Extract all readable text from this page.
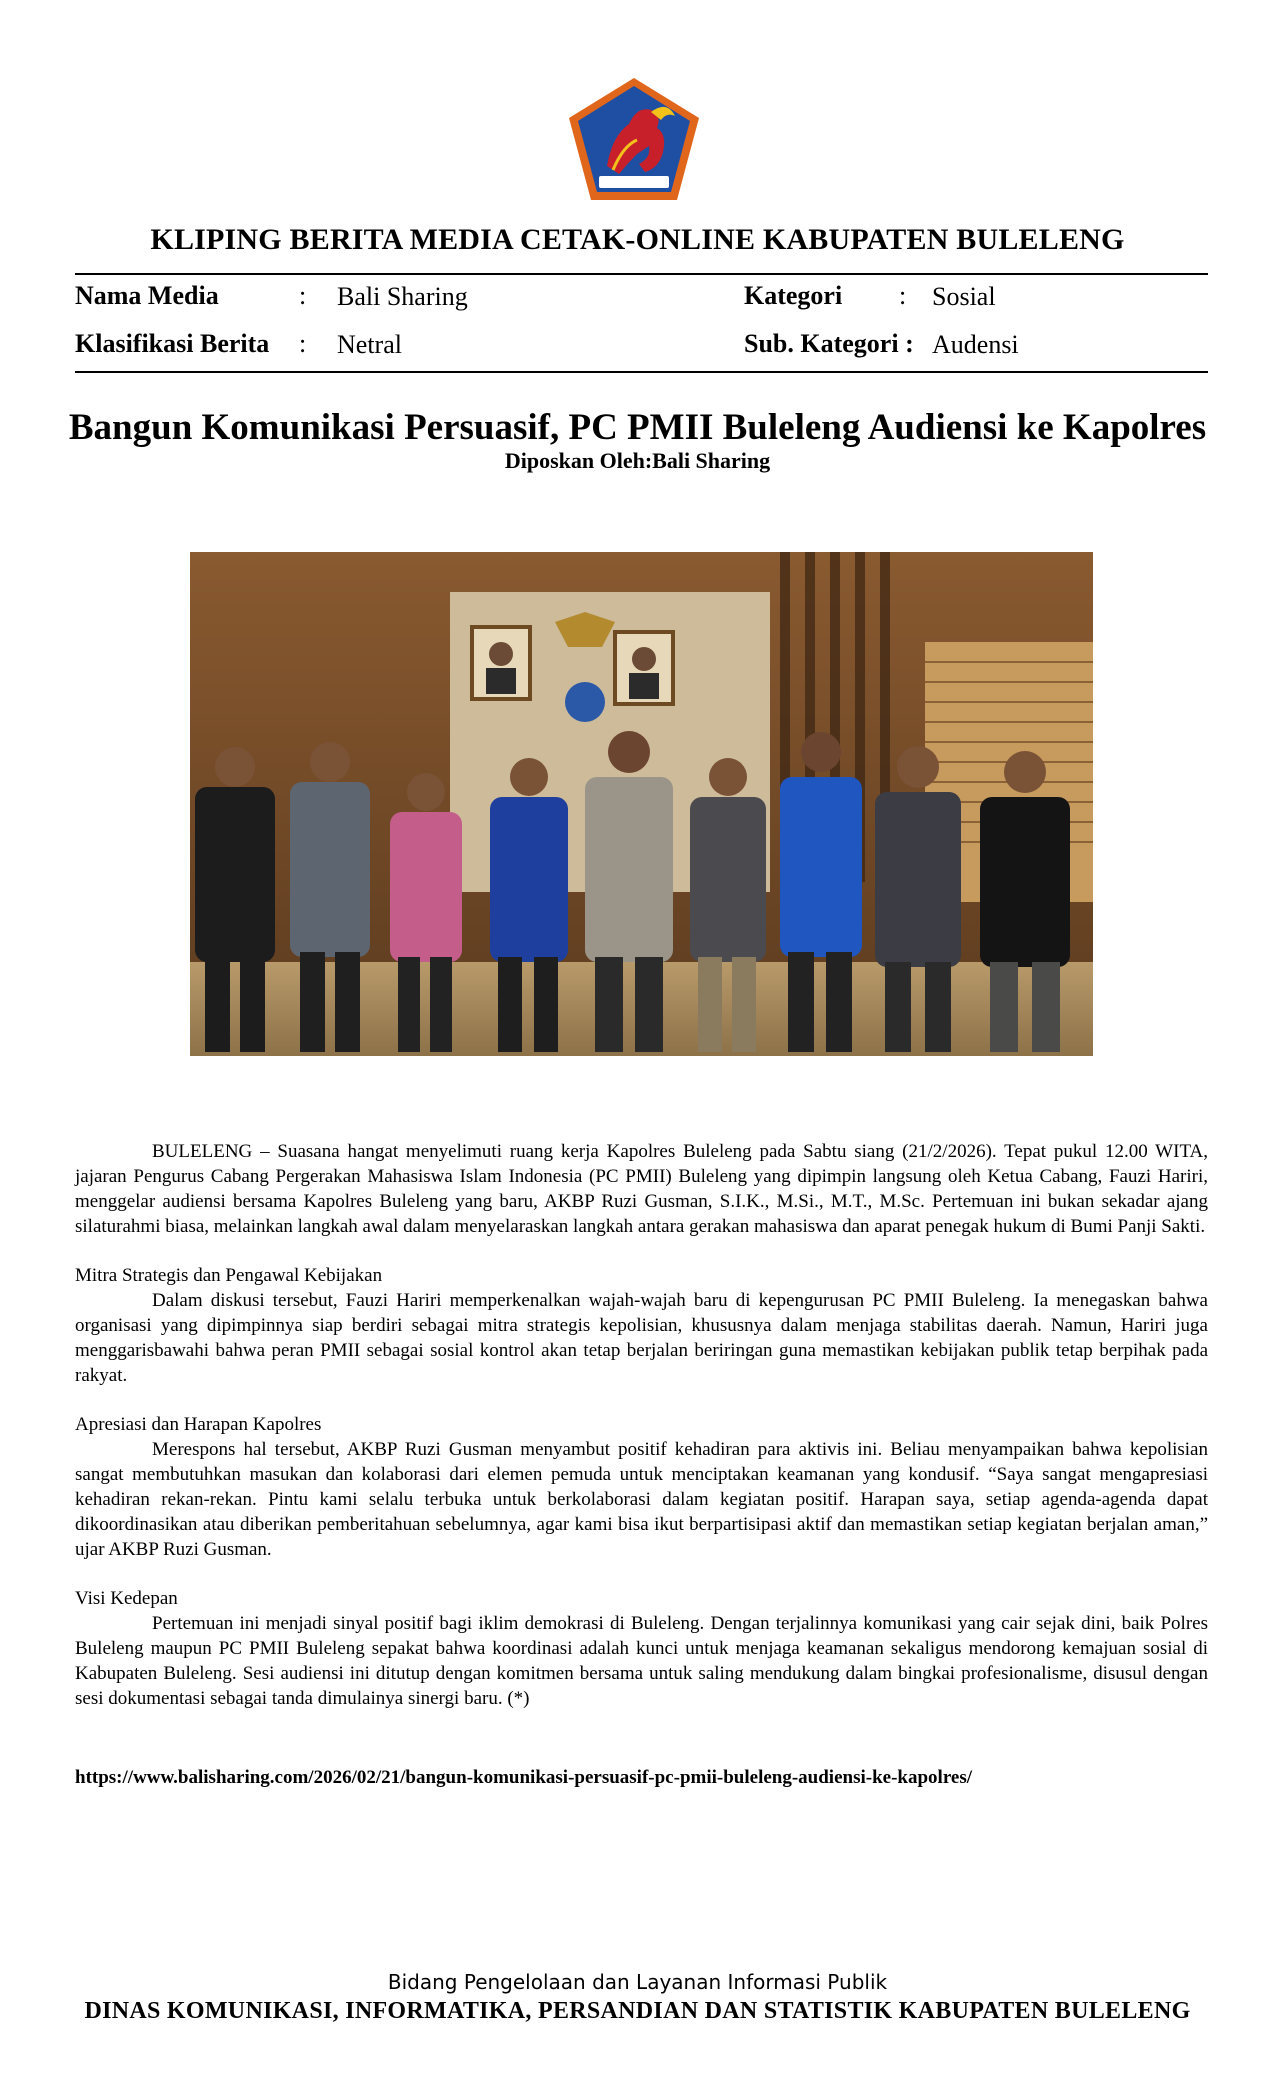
KLIPING BERITA MEDIA CETAK-ONLINE KABUPATEN BULELENG
Nama Media	: Bali Sharing	Kategori : Sosial
Klasifikasi Berita : Netral	Sub. Kategori : Audensi
Bangun Komunikasi Persuasif, PC PMII Buleleng Audiensi ke Kapolres
Diposkan Oleh:Bali Sharing

BULELENG – Suasana hangat menyelimuti ruang kerja Kapolres Buleleng pada Sabtu siang (21/2/2026). Tepat pukul 12.00 WITA, jajaran Pengurus Cabang Pergerakan Mahasiswa Islam Indonesia (PC PMII) Buleleng yang dipimpin langsung oleh Ketua Cabang, Fauzi Hariri, menggelar audiensi bersama Kapolres Buleleng yang baru, AKBP Ruzi Gusman, S.I.K., M.Si., M.T., M.Sc. Pertemuan ini bukan sekadar ajang silaturahmi biasa, melainkan langkah awal dalam menyelaraskan langkah antara gerakan mahasiswa dan aparat penegak hukum di Bumi Panji Sakti.

Mitra Strategis dan Pengawal Kebijakan

Dalam diskusi tersebut, Fauzi Hariri memperkenalkan wajah-wajah baru di kepengurusan PC PMII Buleleng. Ia menegaskan bahwa organisasi yang dipimpinnya siap berdiri sebagai mitra strategis kepolisian, khususnya dalam menjaga stabilitas daerah. Namun, Hariri juga menggarisbawahi bahwa peran PMII sebagai sosial kontrol akan tetap berjalan beriringan guna memastikan kebijakan publik tetap berpihak pada rakyat.

Apresiasi dan Harapan Kapolres

Merespons hal tersebut, AKBP Ruzi Gusman menyambut positif kehadiran para aktivis ini. Beliau menyampaikan bahwa kepolisian sangat membutuhkan masukan dan kolaborasi dari elemen pemuda untuk menciptakan keamanan yang kondusif. “Saya sangat mengapresiasi kehadiran rekan-rekan. Pintu kami selalu terbuka untuk berkolaborasi dalam kegiatan positif. Harapan saya, setiap agenda-agenda dapat dikoordinasikan atau diberikan pemberitahuan sebelumnya, agar kami bisa ikut berpartisipasi aktif dan memastikan setiap kegiatan berjalan aman,” ujar AKBP Ruzi Gusman.

Visi Kedepan

Pertemuan ini menjadi sinyal positif bagi iklim demokrasi di Buleleng. Dengan terjalinnya komunikasi yang cair sejak dini, baik Polres Buleleng maupun PC PMII Buleleng sepakat bahwa koordinasi adalah kunci untuk menjaga keamanan sekaligus mendorong kemajuan sosial di Kabupaten Buleleng. Sesi audiensi ini ditutup dengan komitmen bersama untuk saling mendukung dalam bingkai profesionalisme, disusul dengan sesi dokumentasi sebagai tanda dimulainya sinergi baru. (*)

https://www.balisharing.com/2026/02/21/bangun-komunikasi-persuasif-pc-pmii-buleleng-audiensi-ke-kapolres/
Bidang Pengelolaan dan Layanan Informasi Publik
DINAS KOMUNIKASI, INFORMATIKA, PERSANDIAN DAN STATISTIK KABUPATEN BULELENG
